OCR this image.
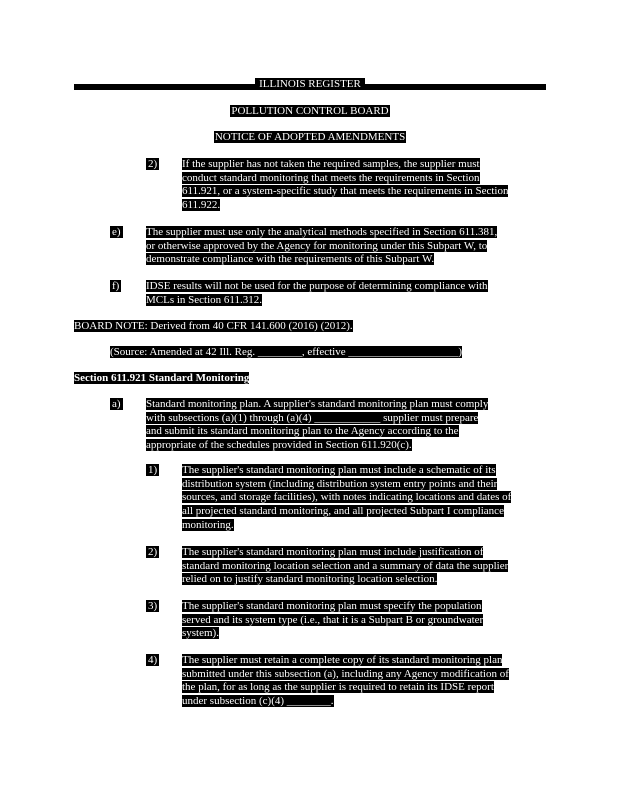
ILLINOIS REGISTER
POLLUTION CONTROL BOARD
NOTICE OF ADOPTED AMENDMENTS
2) If the supplier has not taken the required samples, the supplier must
conduct standard monitoring that meets the requirements in Section
611.921, or a system-specific study that meets the requirements in Section
611.922.
e) The supplier must use only the analytical methods specified in Section 611.381,
or otherwise approved by the Agency for monitoring under this Subpart W, to
demonstrate compliance with the requirements of this Subpart W.
f) IDSE results will not be used for the purpose of determining compliance with
MCLs in Section 611.312.
BOARD NOTE: Derived from 40 CFR 141.600 (2016) (2012).
(Source: Amended at 42 Ill. Reg. ________, effective ____________________)
Section 611.921 Standard Monitoring
a) Standard monitoring plan. A supplier's standard monitoring plan must comply
with subsections (a)(1) through (a)(4) ____________ supplier must prepare
and submit its standard monitoring plan to the Agency according to the
appropriate of the schedules provided in Section 611.920(c).
1) The supplier's standard monitoring plan must include a schematic of its
distribution system (including distribution system entry points and their
sources, and storage facilities), with notes indicating locations and dates of
all projected standard monitoring, and all projected Subpart I compliance
monitoring.
2) The supplier's standard monitoring plan must include justification of
standard monitoring location selection and a summary of data the supplier
relied on to justify standard monitoring location selection.
3) The supplier's standard monitoring plan must specify the population
served and its system type (i.e., that it is a Subpart B or groundwater
system).
4) The supplier must retain a complete copy of its standard monitoring plan
submitted under this subsection (a), including any Agency modification of
the plan, for as long as the supplier is required to retain its IDSE report
under subsection (c)(4) ________.
